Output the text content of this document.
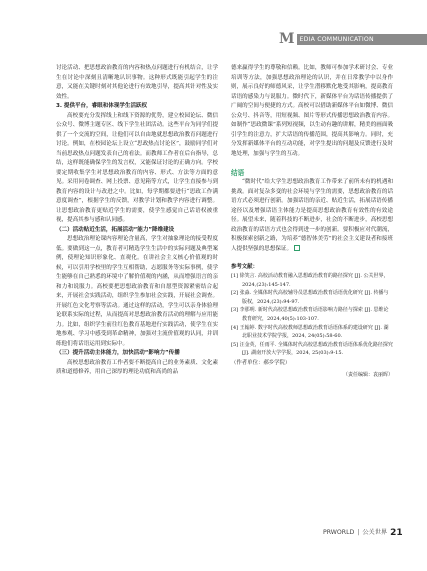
M EDIA COMMUNICATION

讨论活动、把思想政治教育的内容和热点问题进行有机结合，让学生在讨论中深刻且清晰地认识事物。这种形式既能引起学生的注意，又能在关键时刻对其他论进行有效地引导，提高其针对性及实效性。

3. 提供平台，睿眼和体现学生活跃权

高校要充分发挥线上和线下资源的优势，建立校园论坛、微信公众号、微博主题专区、线下学生社团活动。这些平台为同学们提供了一个交流的空间，让他们可以自由地就思想政治教育问题进行讨论。例如，在校园论坛上设立“思政热点讨论区”，鼓励同学们对当前思政热点问题发表自己的看法。而教师工作者在后台指导，总结，这样既能确保学生的发言权，又能保证讨论的正确方向。学校要定期收集学生对思想政治教育的内容、形式、方法等方面的意见。采用问卷调查、网上投票、意见箱等方式，让学生直接参与到教育内容的设计与改进之中。比如，每学期都要进行“思政工作满意度调查”，根据学生的反馈，对教学计划和教学内容进行调整。让思想政治教育更贴近学生的需要，使学生感觉自己话语权被重视，提高其参与感和认同感。

（二）活动贴近生活，拓展活动“能力”降维建设

思想政治理论课内容理论含量高，学生对抽象理论的接受程度低。要做到这一点，教育者可精选学生生活中的实际问题及典型案例，使理论知识形象化、直观化。在讲社会主义核心价值观的时候，可以引用学校里的学生互相帮助，志愿服务等实际事例，使学生能够在自己熟悉的环境中了解价值观的内涵，从而增强语言的亲和力和说服力。高校要把思想政治教育和自愿型资源紧密结合起来，开展社会实践活动，组织学生参加社会实践，开展社会调查。开展红色文化考察等活动。通过这样的活动，学生可以亲身体验理论联系实际的过程，从而提高对思想政治教育活动的理解与应用能力。比如，组织学生前往红色教育基地进行实践活动，使学生在实地参观、学习中感受到革命精神，加强对主流价值观的认同，并训练他们将话语运用到实际中。

（三）提升活动主体能力，加快活动“影响力”传播

高校思想政治教育工作者要不断提高自己的业务素质、文化素质和道德修养，用自己深厚的理论功底和高尚的品

德来赢得学生的尊敬和信赖。比如，教师可参加学术研讨会、专业培训等方法，加强思想政治理论的认识，并在日常教学中以身作则，展示良好的师德风采，让学生潜移默化地受其影响，提高教育话语的感染力与说服力。微时代下，新媒体平台为话语传播提供了广阔的空间与便捷的方式。高校可以借助新媒体平台如微博、微信公众号、抖音等，用短视频、图片等形式传播思想政治教育内容。如制作“思政微课”系列短视频，以生动有趣的讲解，精美的画面吸引学生的注意力，扩大话语的传播范围，提高其影响力。同时，充分发挥新媒体平台的互动功能，对学生提出的问题及反馈进行及时地处理，加强与学生的互动。

结语

“微时代”给大学生思想政治教育工作带来了前所未有的机遇和挑战。面对复杂多变的社会环境与学生的需要，思想政治教育的话语方式必须进行创新。加强话语的亲近、贴近生活，拓展话语传播途径以及增强话语主体能力是提高思想政治教育有效性的有效途径。展望未来，随着科技的不断进步，社会的不断进步，高校思想政治教育的话语方式也会得到进一步的创新。要积极应对代潮流，积极探索创新之路，为培养“德智体美劳”的社会主义建设者和接班人提供坚强的思想保证。

参考文献：
[1] 徐笑言. 高校活动教育融入思想政治教育的路径探究 [J]. 公关世界，2024,(23):145-147.
[2] 张淼. 全媒体时代高校辅导员思想政治教育话语优化研究 [J]. 传播与版权，2024,(23):94-97.
[3] 李那明. 新时代高校思想政治教育话语影响力路径与探索 [J]. 思维论教育研究，2024,40(5):103-107.
[4] 王翰婷. 数字时代高校教师思想政治教育话语体系的建设研究 [J]. 湖北职业技术学院学报，2024, 24(05):58-60.
[5] 汪金英，任雨平. 全媒体时代高校思想政治教育话语体系优化路径探究 [J]. 湖南开放大学学报，2024, 25(03):9-15.
（作者单位：郝乡学院）
（责任编辑：袁丽晖）
PRWORLD | 公关世界 21
